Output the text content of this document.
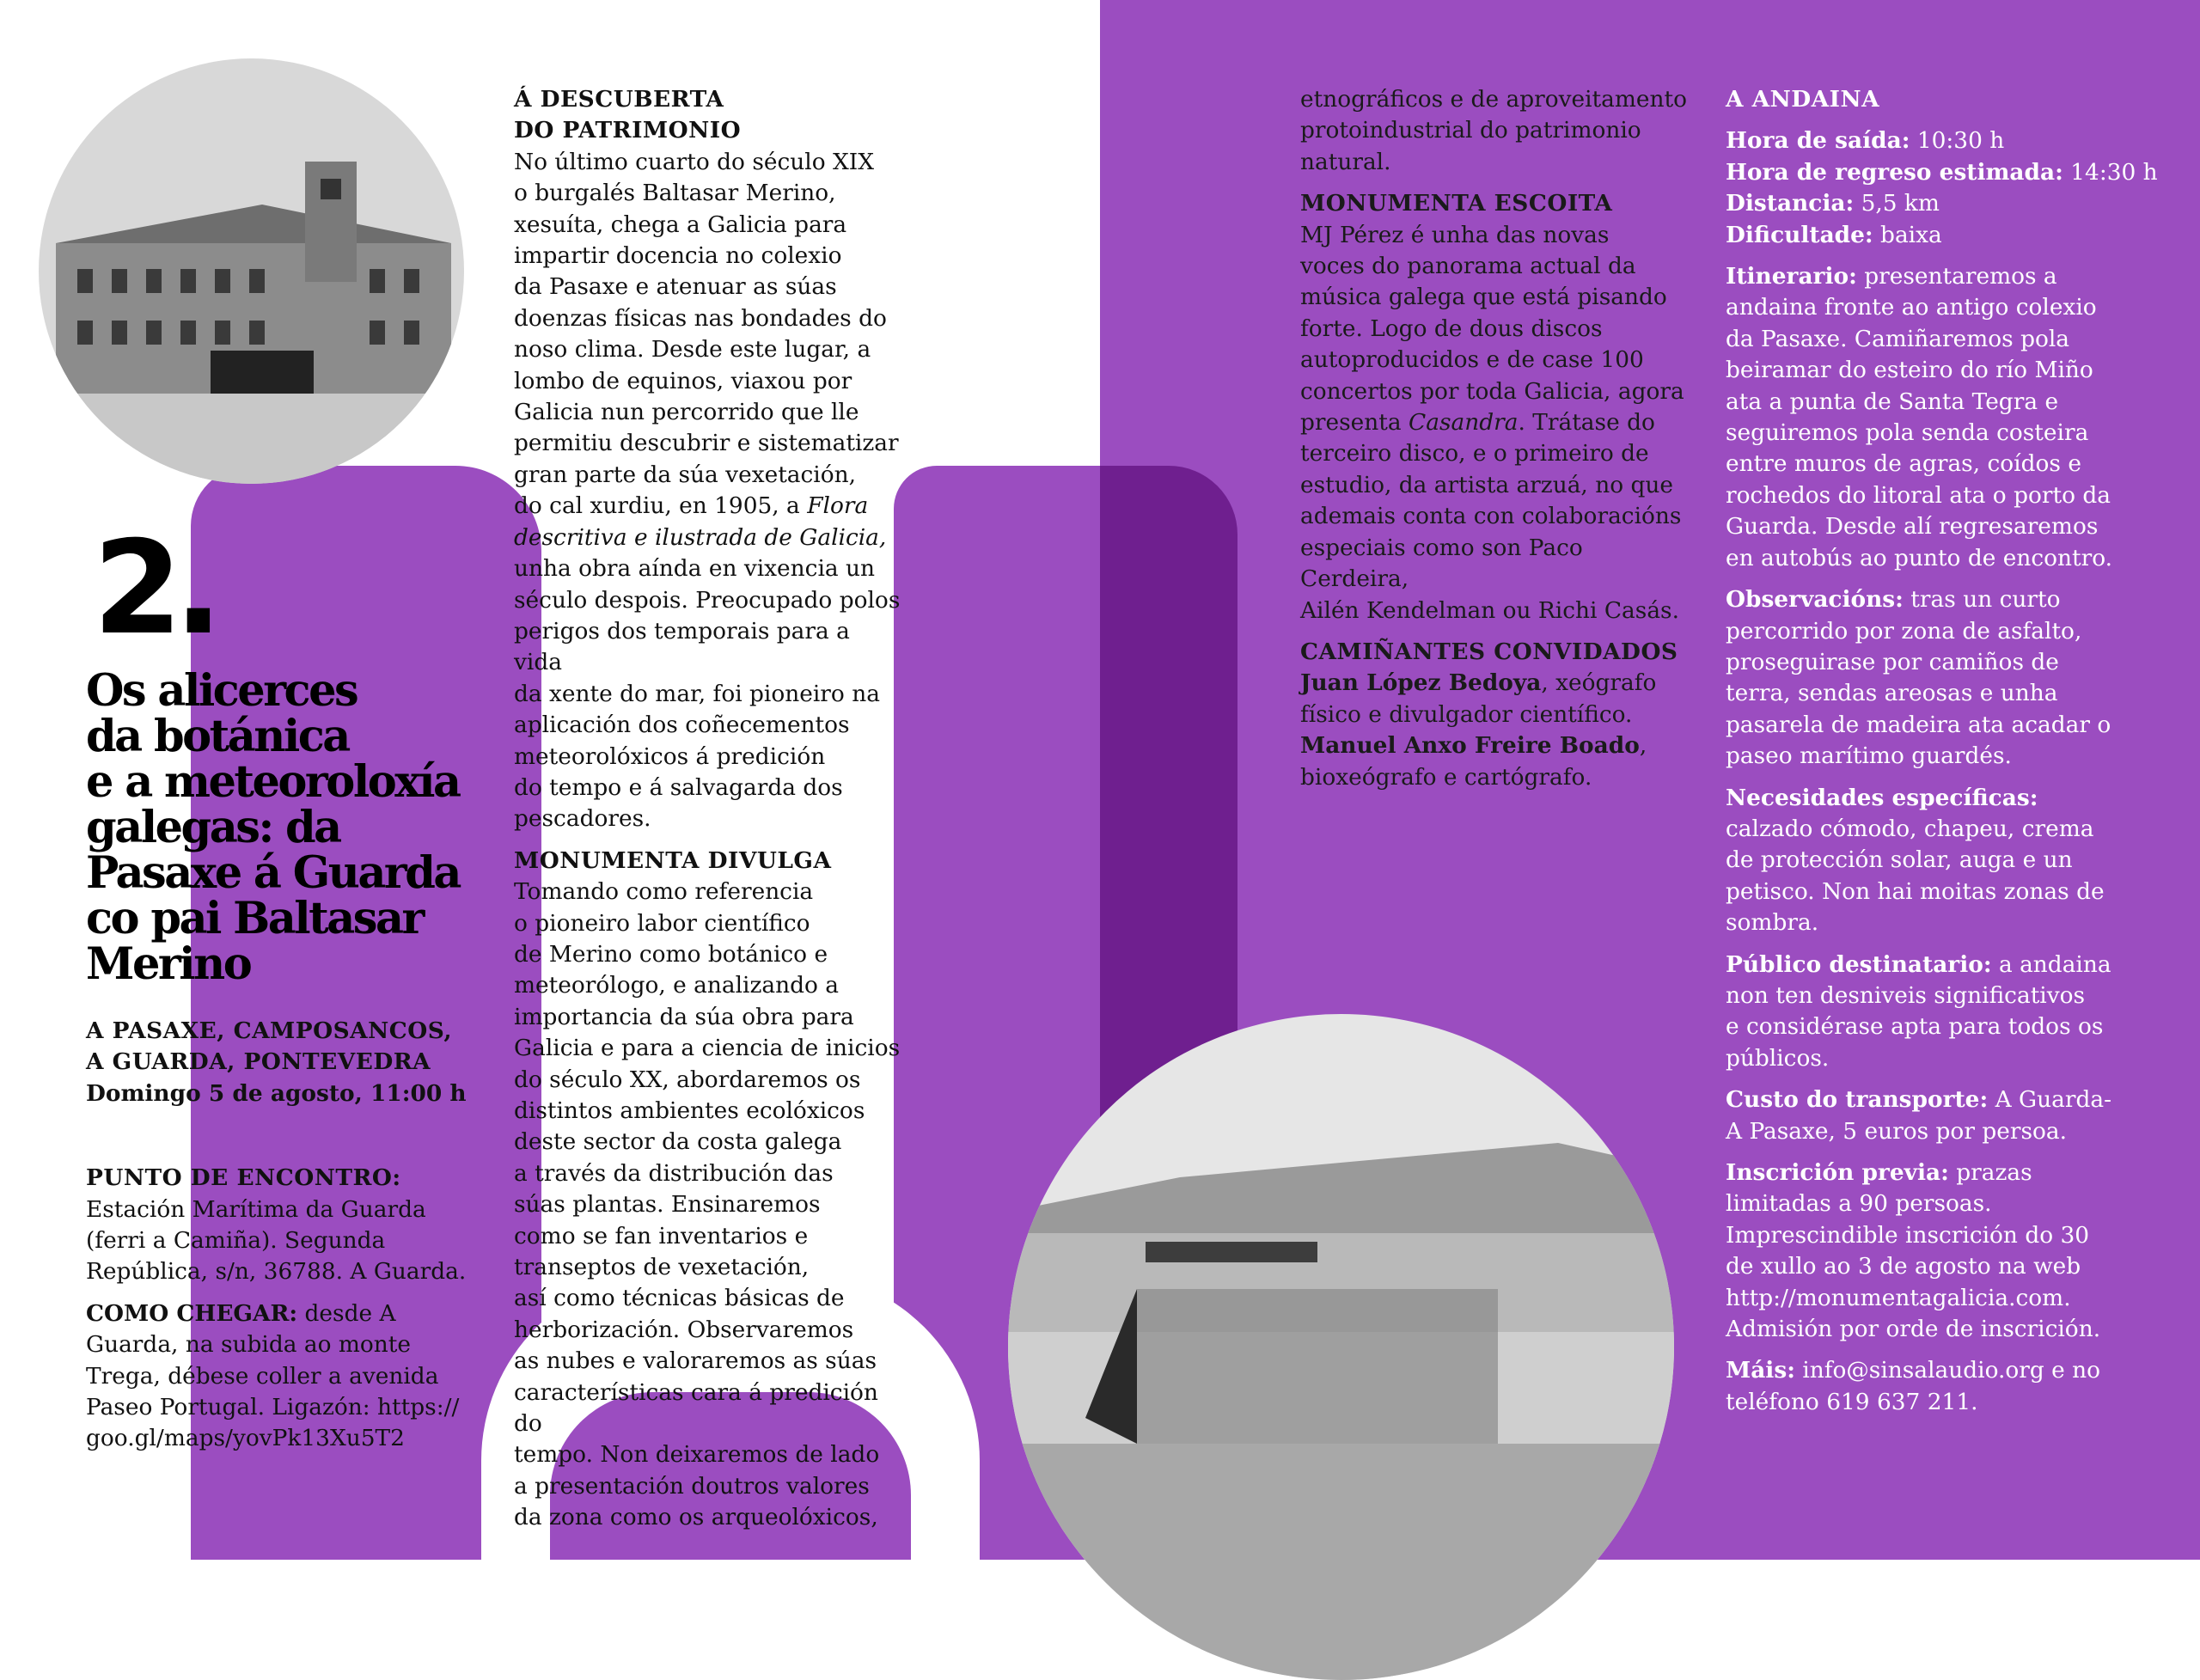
2.
Os alicerces
da botánica
e a meteoroloxía
galegas: da
Pasaxe á Guarda
co pai Baltasar
Merino

A PASAXE, CAMPOSANCOS,

A GUARDA, PONTEVEDRA

Domingo 5 de agosto, 11:00 h

PUNTO DE ENCONTRO:

Estación Marítima da Guarda

(ferri a Camiña). Segunda

República, s/n, 36788. A Guarda.

COMO CHEGAR: desde A

Guarda, na subida ao monte

Trega, débese coller a avenida

Paseo Portugal. Ligazón: https://

goo.gl/maps/yovPk13Xu5T2

Á DESCUBERTA

DO PATRIMONIO

No último cuarto do século XIX

o burgalés Baltasar Merino,

xesuíta, chega a Galicia para

impartir docencia no colexio

da Pasaxe e atenuar as súas

doenzas físicas nas bondades do

noso clima. Desde este lugar, a

lombo de equinos, viaxou por

Galicia nun percorrido que lle

permitiu descubrir e sistematizar

gran parte da súa vexetación,

do cal xurdiu, en 1905, a Flora

descritiva e ilustrada de Galicia,

unha obra aínda en vixencia un

século despois. Preocupado polos

perigos dos temporais para a vida

da xente do mar, foi pioneiro na

aplicación dos coñecementos

meteorolóxicos á predición

do tempo e á salvagarda dos

pescadores.

MONUMENTA DIVULGA

Tomando como referencia

o pioneiro labor científico

de Merino como botánico e

meteorólogo, e analizando a

importancia da súa obra para

Galicia e para a ciencia de inicios

do século XX, abordaremos os

distintos ambientes ecolóxicos

deste sector da costa galega

a través da distribución das

súas plantas. Ensinaremos

como se fan inventarios e

transeptos de vexetación,

así como técnicas básicas de

herborización. Observaremos

as nubes e valoraremos as súas

características cara á predición do

tempo. Non deixaremos de lado

a presentación doutros valores

da zona como os arqueolóxicos,

etnográficos e de aproveitamento

protoindustrial do patrimonio

natural.

MONUMENTA ESCOITA

MJ Pérez é unha das novas

voces do panorama actual da

música galega que está pisando

forte. Logo de dous discos

autoproducidos e de case 100

concertos por toda Galicia, agora

presenta Casandra. Trátase do

terceiro disco, e o primeiro de

estudio, da artista arzuá, no que

ademais conta con colaboracións

especiais como son Paco Cerdeira,

Ailén Kendelman ou Richi Casás.

CAMIÑANTES CONVIDADOS

Juan López Bedoya, xeógrafo

físico e divulgador científico.

Manuel Anxo Freire Boado,

bioxeógrafo e cartógrafo.

A ANDAINA

Hora de saída: 10:30 h

Hora de regreso estimada: 14:30 h

Distancia: 5,5 km

Dificultade: baixa

Itinerario: presentaremos a

andaina fronte ao antigo colexio

da Pasaxe. Camiñaremos pola

beiramar do esteiro do río Miño

ata a punta de Santa Tegra e

seguiremos pola senda costeira

entre muros de agras, coídos e

rochedos do litoral ata o porto da

Guarda. Desde alí regresaremos

en autobús ao punto de encontro.

Observacións: tras un curto

percorrido por zona de asfalto,

proseguirase por camiños de

terra, sendas areosas e unha

pasarela de madeira ata acadar o

paseo marítimo guardés.

Necesidades específicas:

calzado cómodo, chapeu, crema

de protección solar, auga e un

petisco. Non hai moitas zonas de

sombra.

Público destinatario: a andaina

non ten desniveis significativos

e considérase apta para todos os

públicos.

Custo do transporte: A Guarda-

A Pasaxe, 5 euros por persoa.

Inscrición previa: prazas

limitadas a 90 persoas.

Imprescindible inscrición do 30

de xullo ao 3 de agosto na web

http://monumentagalicia.com.

Admisión por orde de inscrición.

Máis: info@sinsalaudio.org e no

teléfono 619 637 211.
